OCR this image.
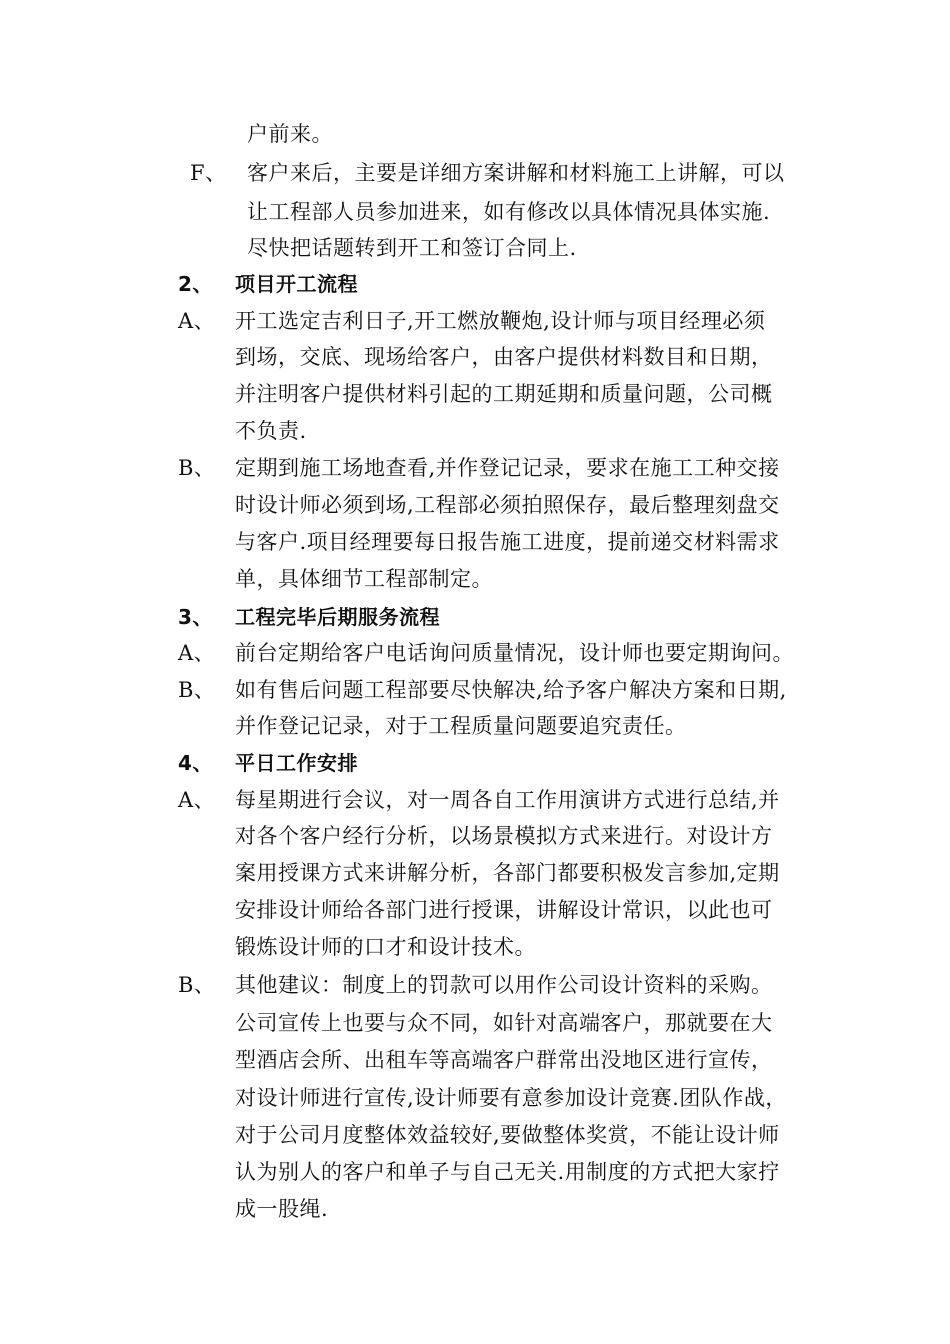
户前来。
F、 客户来后，主要是详细方案讲解和材料施工上讲解，可以
让工程部人员参加进来，如有修改以具体情况具体实施.
尽快把话题转到开工和签订合同上.
2、 项目开工流程
A、 开工选定吉利日子,开工燃放鞭炮,设计师与项目经理必须
到场，交底、现场给客户，由客户提供材料数目和日期，
并注明客户提供材料引起的工期延期和质量问题，公司概
不负责.
B、 定期到施工场地查看,并作登记记录，要求在施工工种交接
时设计师必须到场,工程部必须拍照保存，最后整理刻盘交
与客户.项目经理要每日报告施工进度，提前递交材料需求
单，具体细节工程部制定。
3、 工程完毕后期服务流程
A、 前台定期给客户电话询问质量情况，设计师也要定期询问。
B、 如有售后问题工程部要尽快解决,给予客户解决方案和日期,
并作登记记录，对于工程质量问题要追究责任。
4、 平日工作安排
A、 每星期进行会议，对一周各自工作用演讲方式进行总结,并
对各个客户经行分析，以场景模拟方式来进行。对设计方
案用授课方式来讲解分析，各部门都要积极发言参加,定期
安排设计师给各部门进行授课，讲解设计常识，以此也可
锻炼设计师的口才和设计技术。
B、 其他建议：制度上的罚款可以用作公司设计资料的采购。
公司宣传上也要与众不同，如针对高端客户，那就要在大
型酒店会所、出租车等高端客户群常出没地区进行宣传，
对设计师进行宣传,设计师要有意参加设计竞赛.团队作战，
对于公司月度整体效益较好,要做整体奖赏，不能让设计师
认为别人的客户和单子与自己无关.用制度的方式把大家拧
成一股绳.
